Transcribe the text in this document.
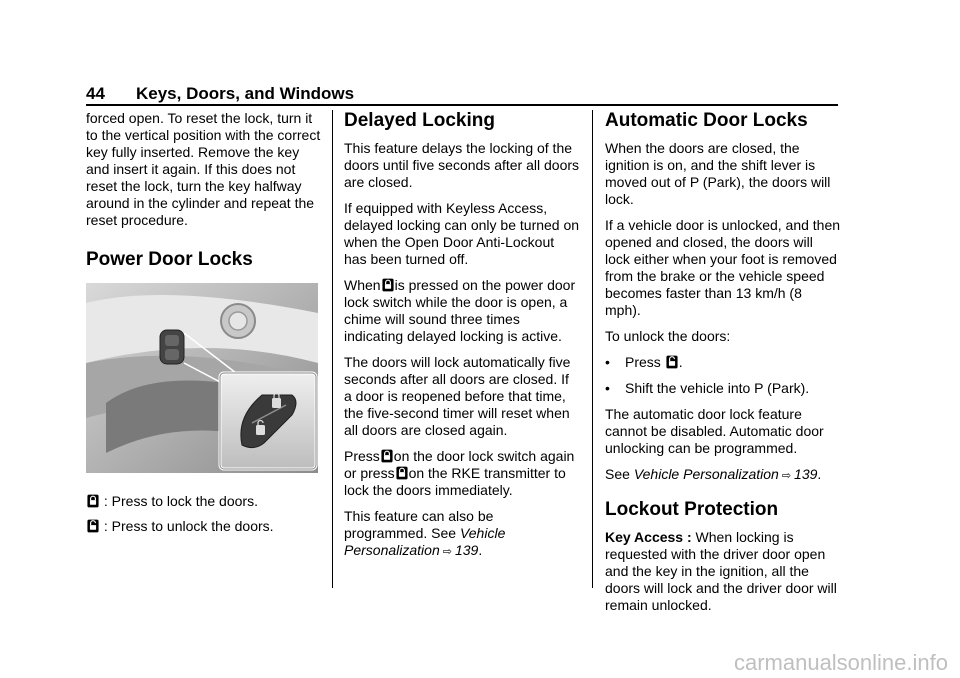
44 Keys, Doors, and Windows

forced open. To reset the lock, turn it to the vertical position with the correct key fully inserted. Remove the key and insert it again. If this does not reset the lock, turn the key halfway around in the cylinder and repeat the reset procedure.

Power Door Locks

: Press to lock the doors.

: Press to unlock the doors.

Delayed Locking

This feature delays the locking of the doors until five seconds after all doors are closed.

If equipped with Keyless Access, delayed locking can only be turned on when the Open Door Anti-Lockout has been turned off.

When is pressed on the power door lock switch while the door is open, a chime will sound three times indicating delayed locking is active.

The doors will lock automatically five seconds after all doors are closed. If a door is reopened before that time, the five-second timer will reset when all doors are closed again.

Press on the door lock switch again or press on the RKE transmitter to lock the doors immediately.

This feature can also be programmed. See Vehicle Personalization ⇨ 139.

Automatic Door Locks

When the doors are closed, the ignition is on, and the shift lever is moved out of P (Park), the doors will lock.

If a vehicle door is unlocked, and then opened and closed, the doors will lock either when your foot is removed from the brake or the vehicle speed becomes faster than 13 km/h (8 mph).

To unlock the doors:

•	Press .
•	Shift the vehicle into P (Park).

The automatic door lock feature cannot be disabled. Automatic door unlocking can be programmed.

See Vehicle Personalization ⇨ 139.

Lockout Protection

Key Access : When locking is requested with the driver door open and the key in the ignition, all the doors will lock and the driver door will remain unlocked.

carmanualsonline.info
